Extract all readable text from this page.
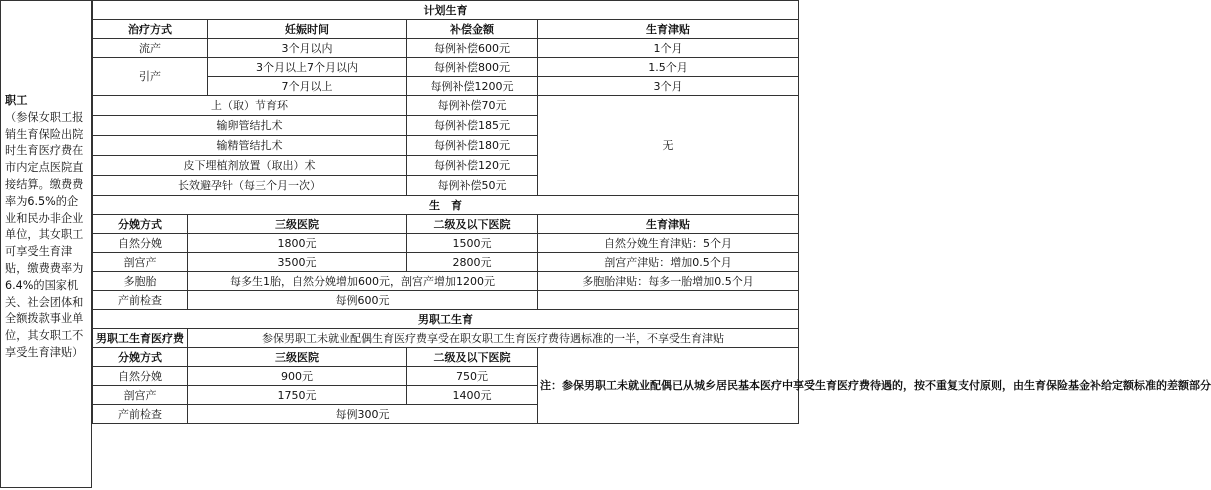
职工
（参保女职工报销生育保险出院时生育医疗费在市内定点医院直接结算。缴费费率为6.5%的企业和民办非企业单位，其女职工可享受生育津贴，缴费费率为6.4%的国家机关、社会团体和全额拨款事业单位，其女职工不享受生育津贴）
计划生育				
治疗方式		妊娠时间	补偿金额	生育津贴
流产		3个月以内	每例补偿600元	1个月
引产		3个月以上7个月以内	每例补偿800元	1.5个月
		7个月以上	每例补偿1200元	3个月
上（取）节育环			每例补偿70元	无
输卵管结扎术			每例补偿185元	
输精管结扎术			每例补偿180元	
皮下埋植剂放置（取出）术			每例补偿120元	
长效避孕针（每三个月一次）			每例补偿50元	
生　育				
分娩方式	三级医院		二级及以下医院	生育津贴
自然分娩	1800元		1500元	自然分娩生育津贴：5个月
剖宫产	3500元		2800元	剖宫产津贴：增加0.5个月
多胞胎	每多生1胎，自然分娩增加600元，剖宫产增加1200元			多胞胎津贴：每多一胎增加0.5个月
产前检查	每例600元			
男职工生育				
男职工生育医疗费	参保男职工未就业配偶生育医疗费享受在职女职工生育医疗费待遇标准的一半，不享受生育津贴			
分娩方式	三级医院		二级及以下医院	注：参保男职工未就业配偶已从城乡居民基本医疗中享受生育医疗费待遇的，按不重复支付原则，由生育保险基金补给定额标准的差额部分
自然分娩	900元		750元	
剖宫产	1750元		1400元	
产前检查	每例300元			
